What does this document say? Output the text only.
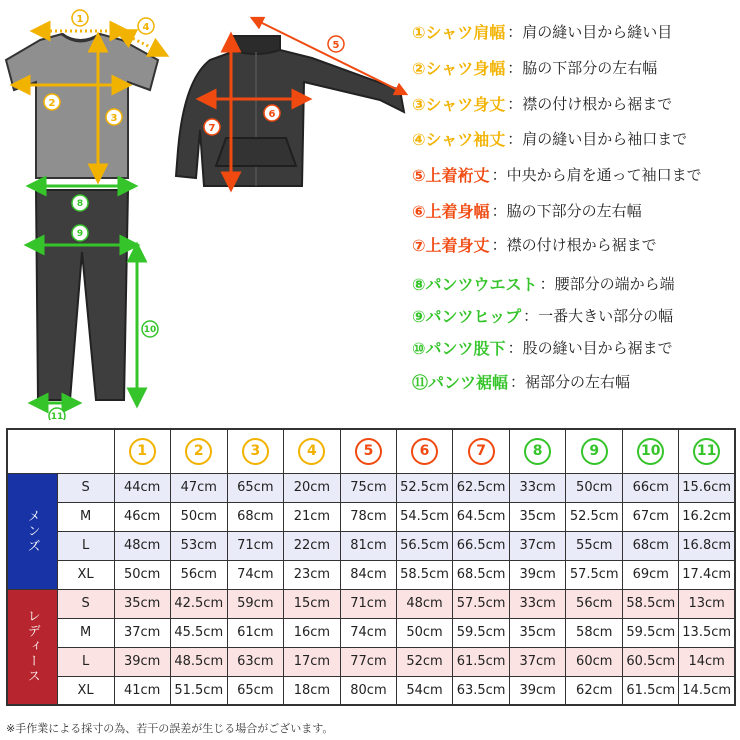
1
4
2
3
5
6
7
8
9
10
11
①シャツ肩幅 ：肩の縫い目から縫い目
②シャツ身幅 ：脇の下部分の左右幅
③シャツ身丈 ：襟の付け根から裾まで
④シャツ袖丈 ：肩の縫い目から袖口まで
⑤上着裄丈 ：中央から肩を通って袖口まで
⑥上着身幅 ：脇の下部分の左右幅
⑦上着身丈 ：襟の付け根から裾まで
⑧パンツウエスト ：腰部分の端から端
⑨パンツヒップ ：一番大きい部分の幅
⑩パンツ股下 ：股の縫い目から裾まで
⑪パンツ裾幅 ：裾部分の左右幅
		1	2	3	4	5	6	7	8	9	10	11
メンズ	S	44cm	47cm	65cm	20cm	75cm	52.5cm	62.5cm	33cm	50cm	66cm	15.6cm
	M	46cm	50cm	68cm	21cm	78cm	54.5cm	64.5cm	35cm	52.5cm	67cm	16.2cm
	L	48cm	53cm	71cm	22cm	81cm	56.5cm	66.5cm	37cm	55cm	68cm	16.8cm
	XL	50cm	56cm	74cm	23cm	84cm	58.5cm	68.5cm	39cm	57.5cm	69cm	17.4cm
レディース	S	35cm	42.5cm	59cm	15cm	71cm	48cm	57.5cm	33cm	56cm	58.5cm	13cm
	M	37cm	45.5cm	61cm	16cm	74cm	50cm	59.5cm	35cm	58cm	59.5cm	13.5cm
	L	39cm	48.5cm	63cm	17cm	77cm	52cm	61.5cm	37cm	60cm	60.5cm	14cm
	XL	41cm	51.5cm	65cm	18cm	80cm	54cm	63.5cm	39cm	62cm	61.5cm	14.5cm
※手作業による採寸の為、若干の誤差が生じる場合がございます。
